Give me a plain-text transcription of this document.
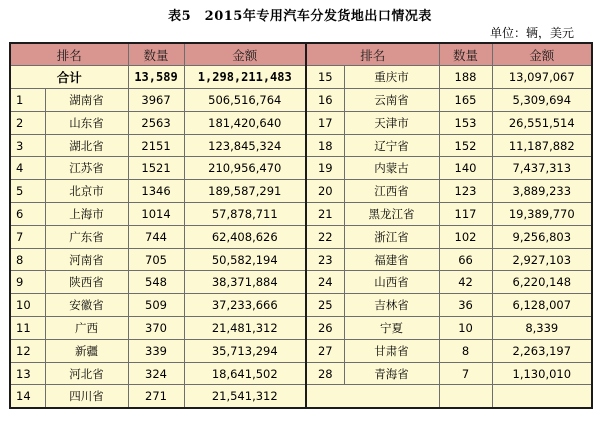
表5　2015年专用汽车分发货地出口情况表
单位：辆，美元
排名		数量	金额	排名		数量	金额
合计		13,589	1,298,211,483	15	重庆市	188	13,097,067
1	湖南省	3967	506,516,764	16	云南省	165	5,309,694
2	山东省	2563	181,420,640	17	天津市	153	26,551,514
3	湖北省	2151	123,845,324	18	辽宁省	152	11,187,882
4	江苏省	1521	210,956,470	19	内蒙古	140	7,437,313
5	北京市	1346	189,587,291	20	江西省	123	3,889,233
6	上海市	1014	57,878,711	21	黑龙江省	117	19,389,770
7	广东省	744	62,408,626	22	浙江省	102	9,256,803
8	河南省	705	50,582,194	23	福建省	66	2,927,103
9	陕西省	548	38,371,884	24	山西省	42	6,220,148
10	安徽省	509	37,233,666	25	吉林省	36	6,128,007
11	广西	370	21,481,312	26	宁夏	10	8,339
12	新疆	339	35,713,294	27	甘肃省	8	2,263,197
13	河北省	324	18,641,502	28	青海省	7	1,130,010
14	四川省	271	21,541,312				
